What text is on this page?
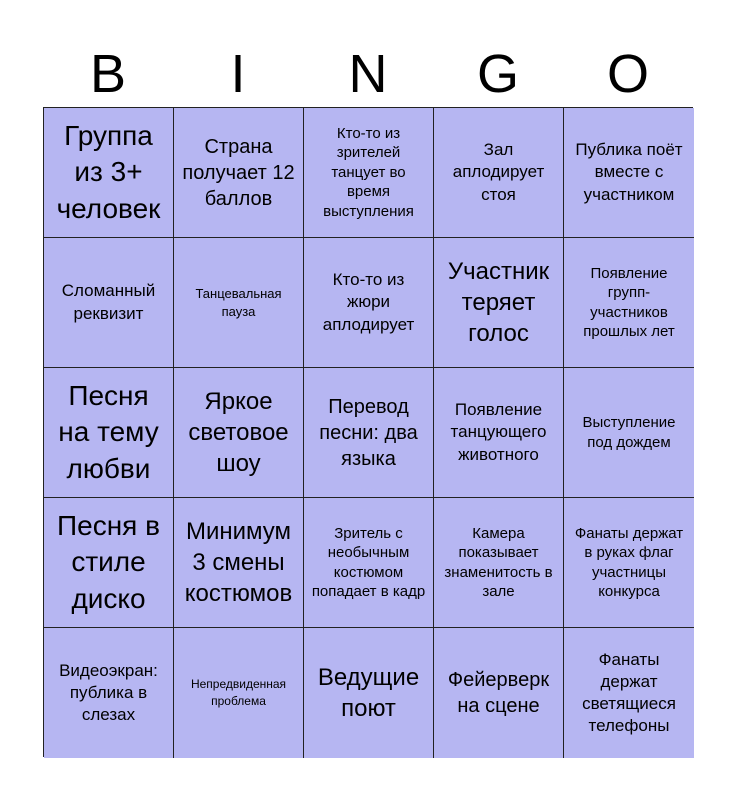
B	I	N	G	O
Группа из 3+ человек
Страна получает 12 баллов
Кто-то из зрителей танцует во время выступления
Зал аплодирует стоя
Публика поёт вместе с участником
Сломанный реквизит
Танцевальная пауза
Кто-то из жюри аплодирует
Участник теряет голос
Появление групп-участников прошлых лет
Песня на тему любви
Яркое световое шоу
Перевод песни: два языка
Появление танцующего животного
Выступление под дождем
Песня в стиле диско
Минимум 3 смены костюмов
Зритель с необычным костюмом попадает в кадр
Камера показывает знаменитость в зале
Фанаты держат в руках флаг участницы конкурса
Видеоэкран: публика в слезах
Непредвиденная проблема
Ведущие поют
Фейерверк на сцене
Фанаты держат светящиеся телефоны
